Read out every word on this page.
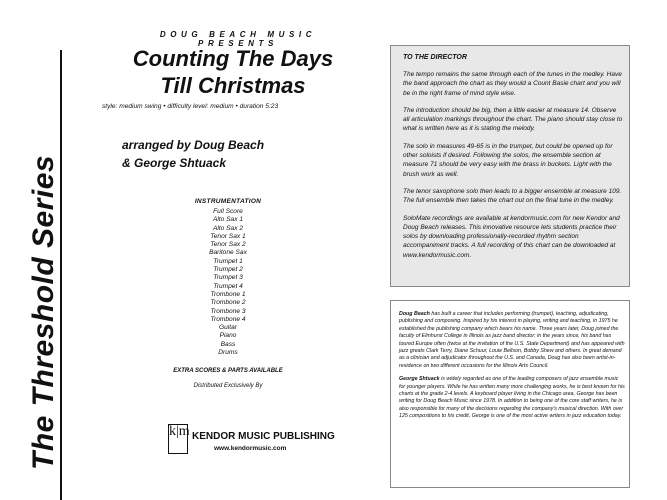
The Threshold Series
DOUG BEACH MUSIC PRESENTS
Counting The Days
Till Christmas
style: medium swing • difficulty level: medium • duration 5:23
arranged by Doug Beach
& George Shtuack
INSTRUMENTATION
Full Score
Alto Sax 1
Alto Sax 2
Tenor Sax 1
Tenor Sax 2
Baritone Sax
Trumpet 1
Trumpet 2
Trumpet 3
Trumpet 4
Trombone 1
Trombone 2
Trombone 3
Trombone 4
Guitar
Piano
Bass
Drums
EXTRA SCORES & PARTS AVAILABLE
Distributed Exclusively By
k|m KENDOR MUSIC PUBLISHING
www.kendormusic.com
TO THE DIRECTOR

The tempo remains the same through each of the tunes in the medley. Have the band approach the chart as they would a Count Basie chart and you will be in the right frame of mind style wise.

The introduction should be big, then a little easier at measure 14. Observe all articulation markings throughout the chart. The piano should stay close to what is written here as it is stating the melody.

The solo in measures 49-65 is in the trumpet, but could be opened up for other soloists if desired. Following the solos, the ensemble section at measure 71 should be very easy with the brass in buckets. Light with the brush work as well.

The tenor saxophone solo then leads to a bigger ensemble at measure 109. The full ensemble then takes the chart out on the final tune in the medley.

SoloMate recordings are available at kendormusic.com for new Kendor and Doug Beach releases. This innovative resource lets students practice their solos by downloading professionally-recorded rhythm section accompaniment tracks. A full recording of this chart can be downloaded at www.kendormusic.com.

Doug Beach has built a career that includes performing (trumpet), teaching, adjudicating, publishing and composing. Inspired by his interest in playing, writing and teaching, in 1975 he established the publishing company which bears his name. Three years later, Doug joined the faculty of Elmhurst College in Illinois as jazz band director; in the years since, his band has toured Europe often (twice at the invitation of the U.S. State Department) and has appeared with jazz greats Clark Terry, Diane Schuur, Louie Bellson, Bobby Shew and others. In great demand as a clinician and adjudicator throughout the U.S. and Canada, Doug has also been artist-in-residence on two different occasions for the Illinois Arts Council.

George Shtuack is widely regarded as one of the leading composers of jazz ensemble music for younger players. While he has written many more challenging works, he is best known for his charts at the grade 2-4 levels. A keyboard player living in the Chicago area, George has been writing for Doug Beach Music since 1978. In addition to being one of the core staff writers, he is also responsible for many of the decisions regarding the company's musical direction. With over 125 compositions to his credit, George is one of the most active writers in jazz education today.
